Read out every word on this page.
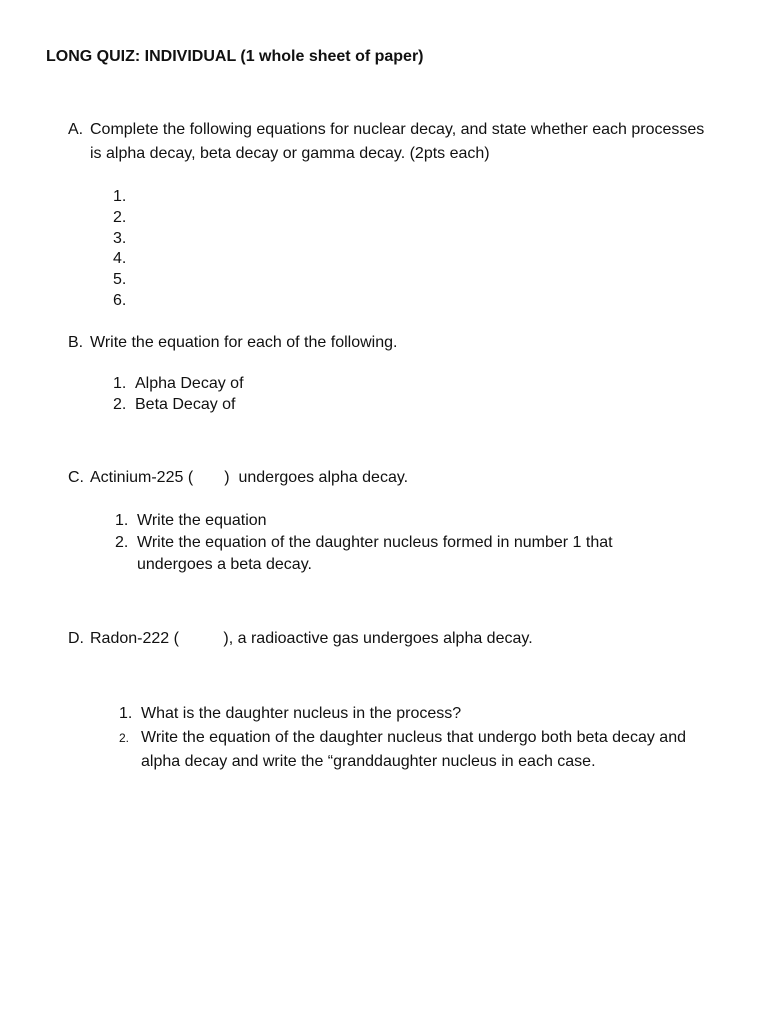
LONG QUIZ: INDIVIDUAL (1 whole sheet of paper)
A. Complete the following equations for nuclear decay, and state whether each processes is alpha decay, beta decay or gamma decay. (2pts each)
1.
2.
3.
4.
5.
6.
B. Write the equation for each of the following.
1. Alpha Decay of
2. Beta Decay of
C. Actinium-225 (       )  undergoes alpha decay.
1. Write the equation
2. Write the equation of the daughter nucleus formed in number 1 that undergoes a beta decay.
D. Radon-222 (          ), a radioactive gas undergoes alpha decay.
1. What is the daughter nucleus in the process?
2. Write the equation of the daughter nucleus that undergo both beta decay and alpha decay and write the “granddaughter nucleus in each case.
